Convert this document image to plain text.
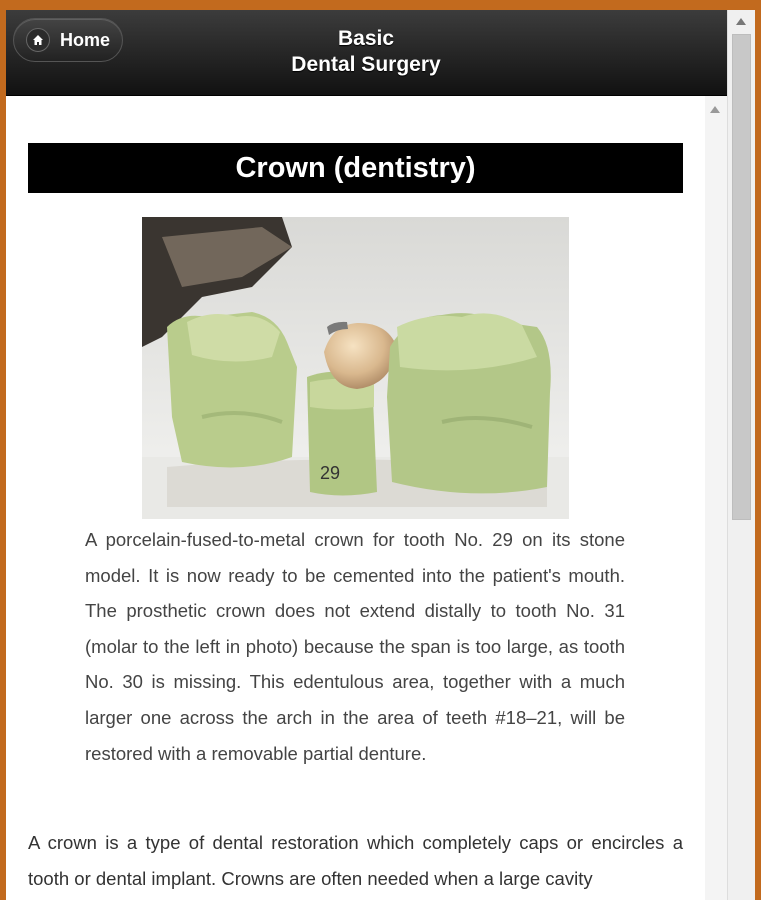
Home	Basic
Dental Surgery
Crown (dentistry)
29

A porcelain-fused-to-metal crown for tooth No. 29 on its stone model. It is now ready to be cemented into the patient's mouth. The prosthetic crown does not extend distally to tooth No. 31 (molar to the left in photo) because the span is too large, as tooth No. 30 is missing. This edentulous area, together with a much larger one across the arch in the area of teeth #18–21, will be restored with a removable partial denture.

A crown is a type of dental restoration which completely caps or encircles a tooth or dental implant. Crowns are often needed when a large cavity
